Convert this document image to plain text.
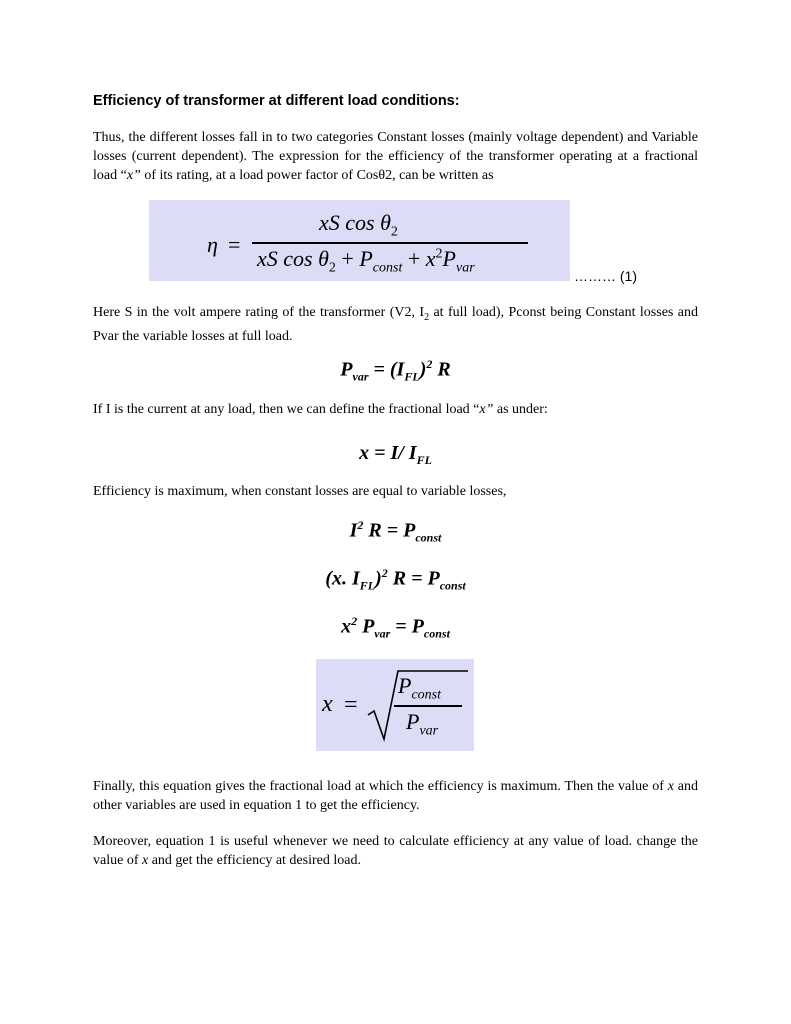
Efficiency of transformer at different load conditions:
Thus, the different losses fall in to two categories Constant losses (mainly voltage dependent) and Variable losses (current dependent). The expression for the efficiency of the transformer operating at a fractional load “x” of its rating, at a load power factor of Cosθ2, can be written as
η =
xS $\cos \theta_2$
xS $\cos \theta_2 + P_{const} + x^2P_{var}$
……… (1)
Here S in the volt ampere rating of the transformer (V2, $I_2$ at full load), Pconst being Constant losses and Pvar the variable losses at full load.
$P_{var} = (I_{FL})^2$ R
If I is the current at any load, then we can define the fractional load “x” as under:
x = I/ $I_{FL}$
Efficiency is maximum, when constant losses are equal to variable losses,
$I^2$ $R = P_{const}$
(x. $I_{FL})^2$ $R = P_{const}$
$x^2$ $P_{var} = P_{const}$
x =
$P_{const}$
$P_{var}$
Finally, this equation gives the fractional load at which the efficiency is maximum. Then the value of x and other variables are used in equation 1 to get the efficiency.
Moreover, equation 1 is useful whenever we need to calculate efficiency at any value of load. change the value of x and get the efficiency at desired load.
